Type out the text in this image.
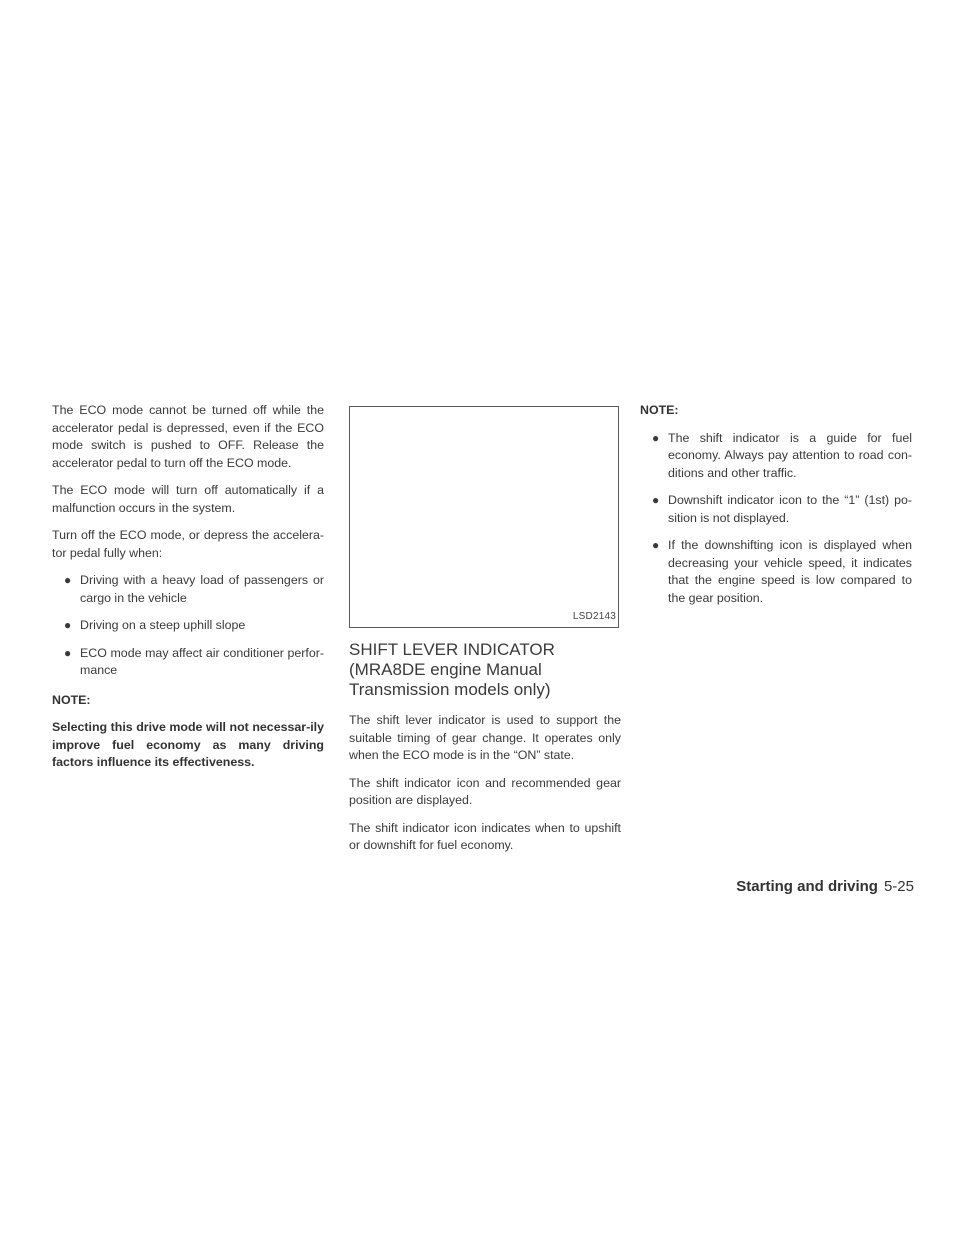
The ECO mode cannot be turned off while the accelerator pedal is depressed, even if the ECO mode switch is pushed to OFF. Release the accelerator pedal to turn off the ECO mode.

The ECO mode will turn off automatically if a malfunction occurs in the system.

Turn off the ECO mode, or depress the accelera-tor pedal fully when:

● Driving with a heavy load of passengers or cargo in the vehicle
● Driving on a steep uphill slope
● ECO mode may affect air conditioner perfor-mance
NOTE:
Selecting this drive mode will not necessar-ily improve fuel economy as many driving factors influence its effectiveness.
LSD2143
SHIFT LEVER INDICATOR (MRA8DE engine Manual Transmission models only)

The shift lever indicator is used to support the suitable timing of gear change. It operates only when the ECO mode is in the “ON” state.

The shift indicator icon and recommended gear position are displayed.

The shift indicator icon indicates when to upshift or downshift for fuel economy.

NOTE:
● The shift indicator is a guide for fuel economy. Always pay attention to road con-ditions and other traffic.
● Downshift indicator icon to the “1” (1st) po-sition is not displayed.
● If the downshifting icon is displayed when decreasing your vehicle speed, it indicates that the engine speed is low compared to the gear position.
Starting and driving 5-25
